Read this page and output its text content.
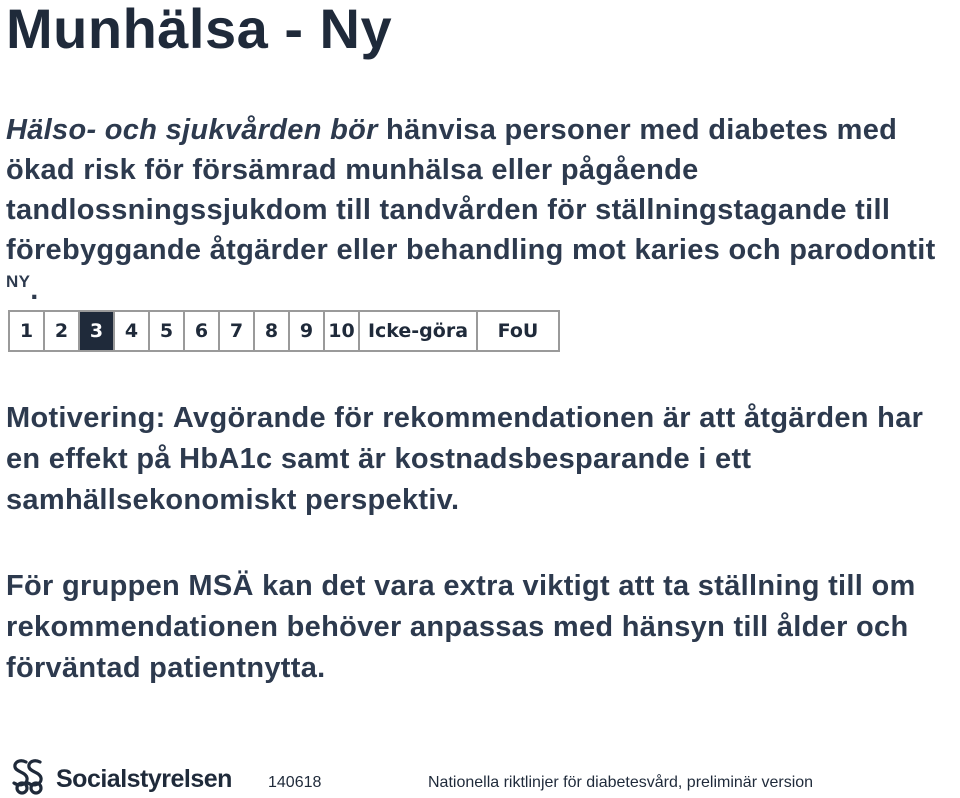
Munhälsa - Ny
Hälso- och sjukvården bör hänvisa personer med diabetes med ökad risk för försämrad munhälsa eller pågående tandlossningssjukdom till tandvården för ställningstagande till förebyggande åtgärder eller behandling mot karies och parodontit $^{NY}$.
1	2	3	4	5	6	7	8	9 10 Icke-göra	FoU
Motivering: Avgörande för rekommendationen är att åtgärden har en effekt på HbA1c samt är kostnadsbesparande i ett samhällsekonomiskt perspektiv.
För gruppen MSÄ kan det vara extra viktigt att ta ställning till om rekommendationen behöver anpassas med hänsyn till ålder och förväntad patientnytta.
Socialstyrelsen 140618	Nationella riktlinjer för diabetesvård, preliminär version
